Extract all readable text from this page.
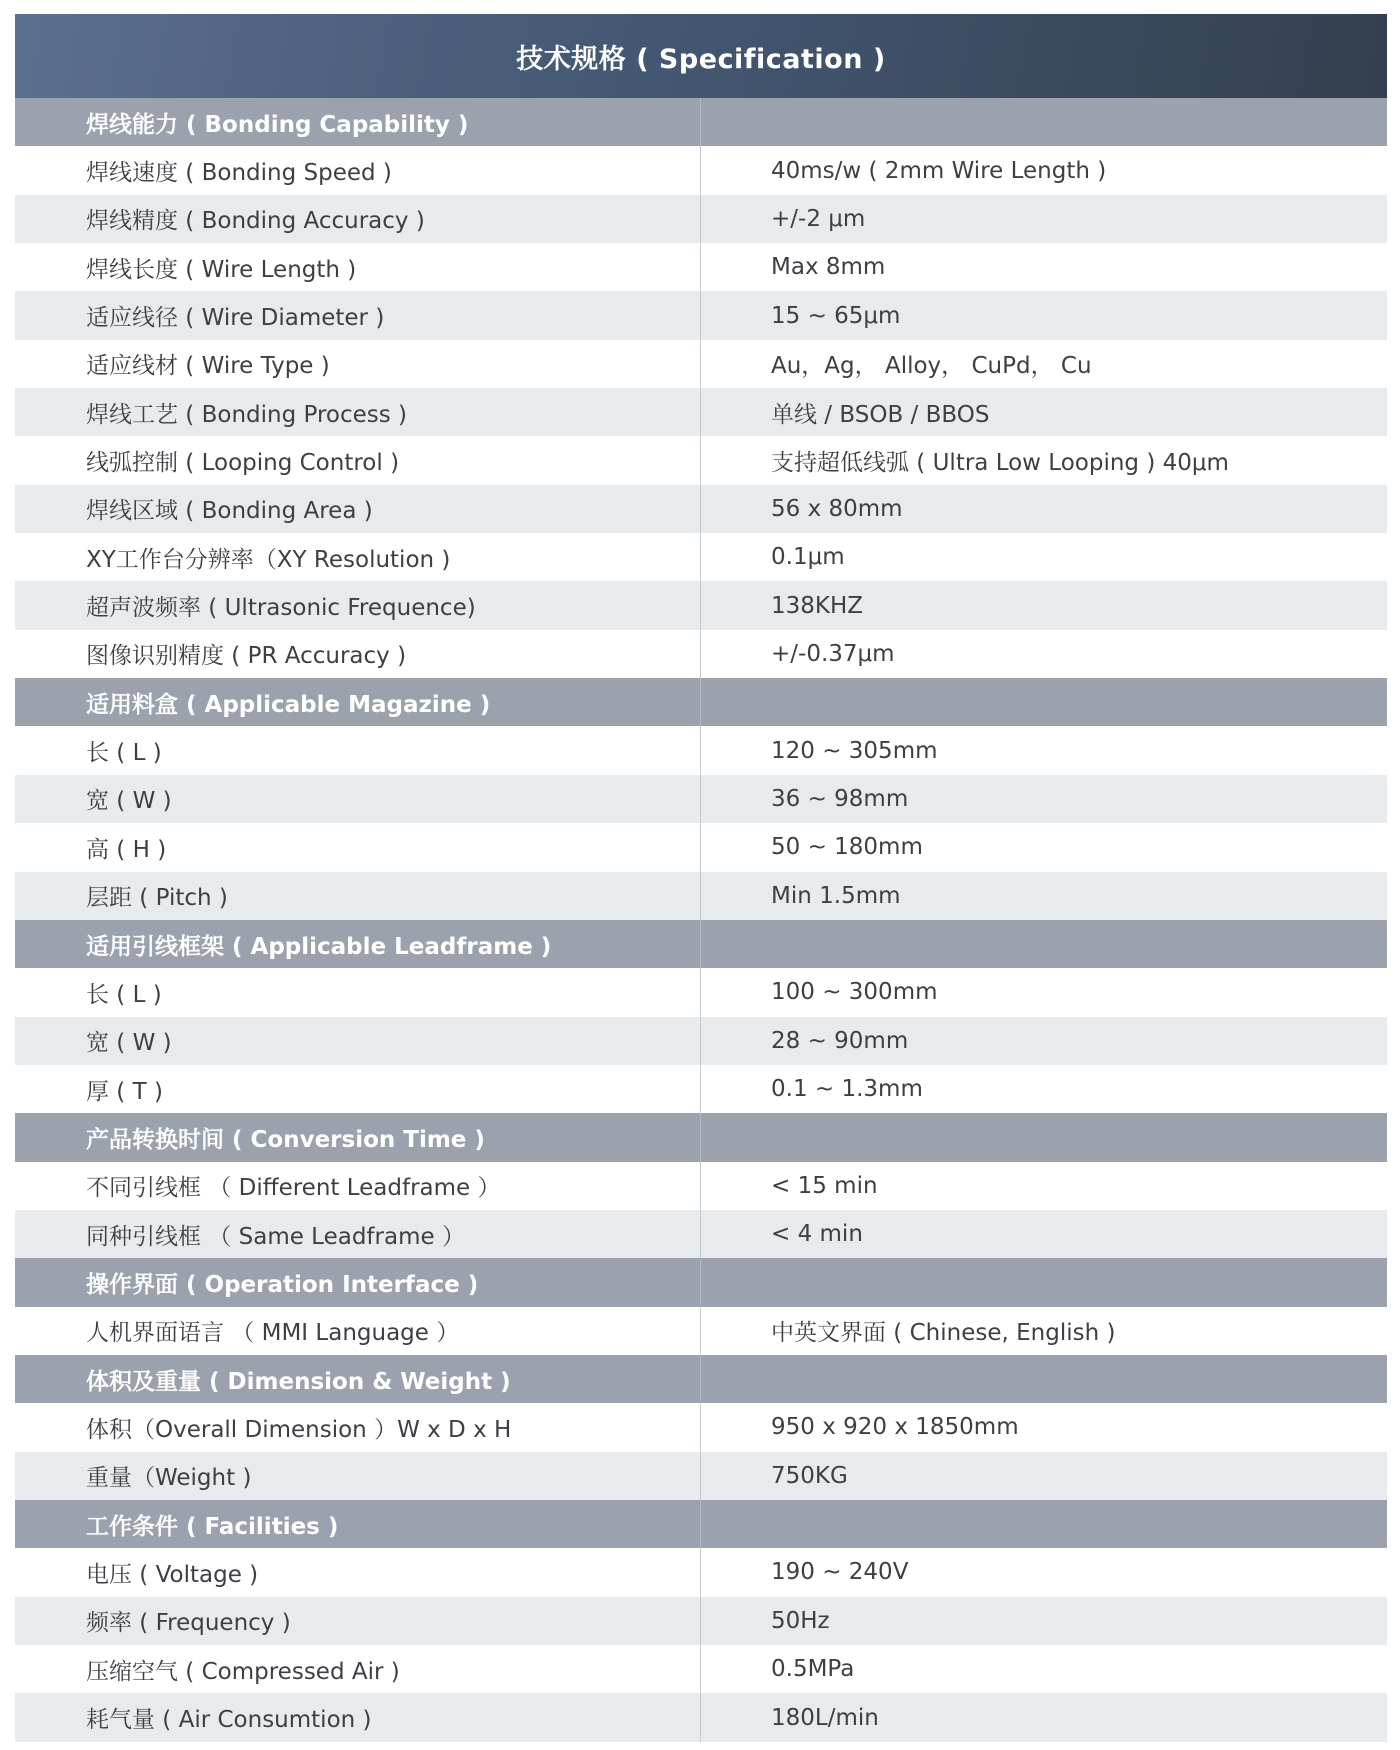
技术规格 ( Specification )
焊线能力 ( Bonding Capability )
焊线速度 ( Bonding Speed )	40ms/w ( 2mm Wire Length )
焊线精度 ( Bonding Accuracy )	+/-2 μm
焊线长度 ( Wire Length )	Max 8mm
适应线径 ( Wire Diameter )	15 ~ 65μm
适应线材 ( Wire Type )	Au，Ag， Alloy， CuPd， Cu
焊线工艺 ( Bonding Process )	单线 / BSOB / BBOS
线弧控制 ( Looping Control )	支持超低线弧 ( Ultra Low Looping ) 40μm
焊线区域 ( Bonding Area )	56 x 80mm
XY工作台分辨率（XY Resolution )	0.1μm
超声波频率 ( Ultrasonic Frequence)	138KHZ
图像识别精度 ( PR Accuracy )	+/-0.37μm
适用料盒 ( Applicable Magazine )
长 ( L )	120 ~ 305mm
宽 ( W )	36 ~ 98mm
高 ( H )	50 ~ 180mm
层距 ( Pitch )	Min 1.5mm
适用引线框架 ( Applicable Leadframe )
长 ( L )	100 ~ 300mm
宽 ( W )	28 ~ 90mm
厚 ( T )	0.1 ~ 1.3mm
产品转换时间 ( Conversion Time )
不同引线框 （ Different Leadframe ）	< 15 min
同种引线框 （ Same Leadframe ）	< 4 min
操作界面 ( Operation Interface )
人机界面语言 （ MMI Language ）	中英文界面 ( Chinese, English )
体积及重量 ( Dimension & Weight )
体积（Overall Dimension ）W x D x H	950 x 920 x 1850mm
重量（Weight )	750KG
工作条件 ( Facilities )
电压 ( Voltage )	190 ~ 240V
频率 ( Frequency )	50Hz
压缩空气 ( Compressed Air )	0.5MPa
耗气量 ( Air Consumtion )	180L/min
